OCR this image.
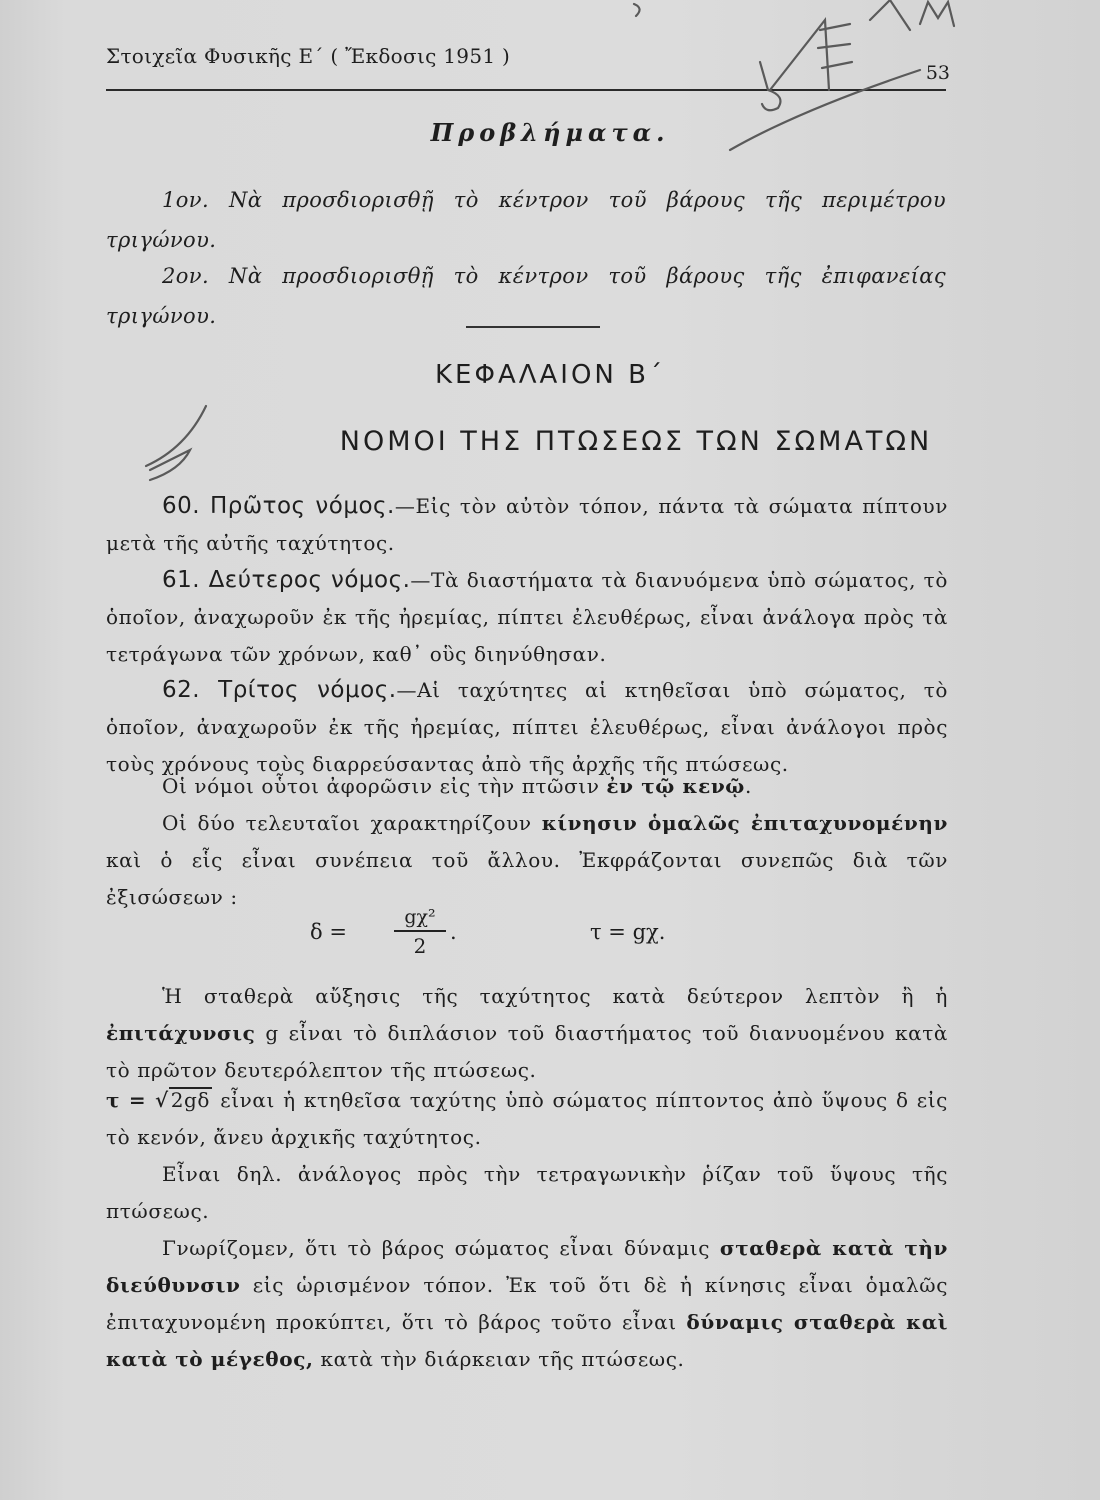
Στοιχεῖα Φυσικῆς Ε΄ ( Ἔκδοσις 1951 )
53
Προβλήματα.
1ον. Νὰ προσδιορισθῇ τὸ κέντρον τοῦ βάρους τῆς περιμέτρου τριγώνου.
2ον. Νὰ προσδιορισθῇ τὸ κέντρον τοῦ βάρους τῆς ἐπιφανείας τριγώνου.
ΚΕΦΑΛΑΙΟΝ Β΄
ΝΟΜΟΙ ΤΗΣ ΠΤΩΣΕΩΣ ΤΩΝ ΣΩΜΑΤΩΝ
60. Πρῶτος νόμος.—Εἰς τὸν αὐτὸν τόπον, πάντα τὰ σώματα πίπτουν μετὰ τῆς αὐτῆς ταχύτητος.
61. Δεύτερος νόμος.—Τὰ διαστήματα τὰ διανυόμενα ὑπὸ σώματος, τὸ ὁποῖον, ἀναχωροῦν ἐκ τῆς ἠρεμίας, πίπτει ἐλευθέρως, εἶναι ἀνάλογα πρὸς τὰ τετράγωνα τῶν χρόνων, καθ᾽ οὓς διηνύθησαν.
62. Τρίτος νόμος.—Αἱ ταχύτητες αἱ κτηθεῖσαι ὑπὸ σώματος, τὸ ὁποῖον, ἀναχωροῦν ἐκ τῆς ἠρεμίας, πίπτει ἐλευθέρως, εἶναι ἀνάλογοι πρὸς τοὺς χρόνους τοὺς διαρρεύσαντας ἀπὸ τῆς ἀρχῆς τῆς πτώσεως.
Οἱ νόμοι οὗτοι ἀφορῶσιν εἰς τὴν πτῶσιν ἐν τῷ κενῷ.
Οἱ δύο τελευταῖοι χαρακτηρίζουν κίνησιν ὁμαλῶς ἐπιταχυνομένην καὶ ὁ εἷς εἶναι συνέπεια τοῦ ἄλλου. Ἐκφράζονται συνεπῶς διὰ τῶν ἐξισώσεων :
δ =
gχ²
2
.	τ = gχ.
Ἡ σταθερὰ αὔξησις τῆς ταχύτητος κατὰ δεύτερον λεπτὸν ἢ ἡ ἐπιτάχυνσις g εἶναι τὸ διπλάσιον τοῦ διαστήματος τοῦ διανυομένου κατὰ τὸ πρῶτον δευτερόλεπτον τῆς πτώσεως.
τ = √ 2gδ εἶναι ἡ κτηθεῖσα ταχύτης ὑπὸ σώματος πίπτοντος ἀπὸ ὕψους δ εἰς τὸ κενόν, ἄνευ ἀρχικῆς ταχύτητος.
Εἶναι δηλ. ἀνάλογος πρὸς τὴν τετραγωνικὴν ῥίζαν τοῦ ὕψους τῆς πτώσεως.
Γνωρίζομεν, ὅτι τὸ βάρος σώματος εἶναι δύναμις σταθερὰ κατὰ τὴν διεύθυνσιν εἰς ὡρισμένον τόπον. Ἐκ τοῦ ὅτι δὲ ἡ κίνησις εἶναι ὁμαλῶς ἐπιταχυνομένη προκύπτει, ὅτι τὸ βάρος τοῦτο εἶναι δύναμις σταθερὰ καὶ κατὰ τὸ μέγεθος, κατὰ τὴν διάρκειαν τῆς πτώσεως.
